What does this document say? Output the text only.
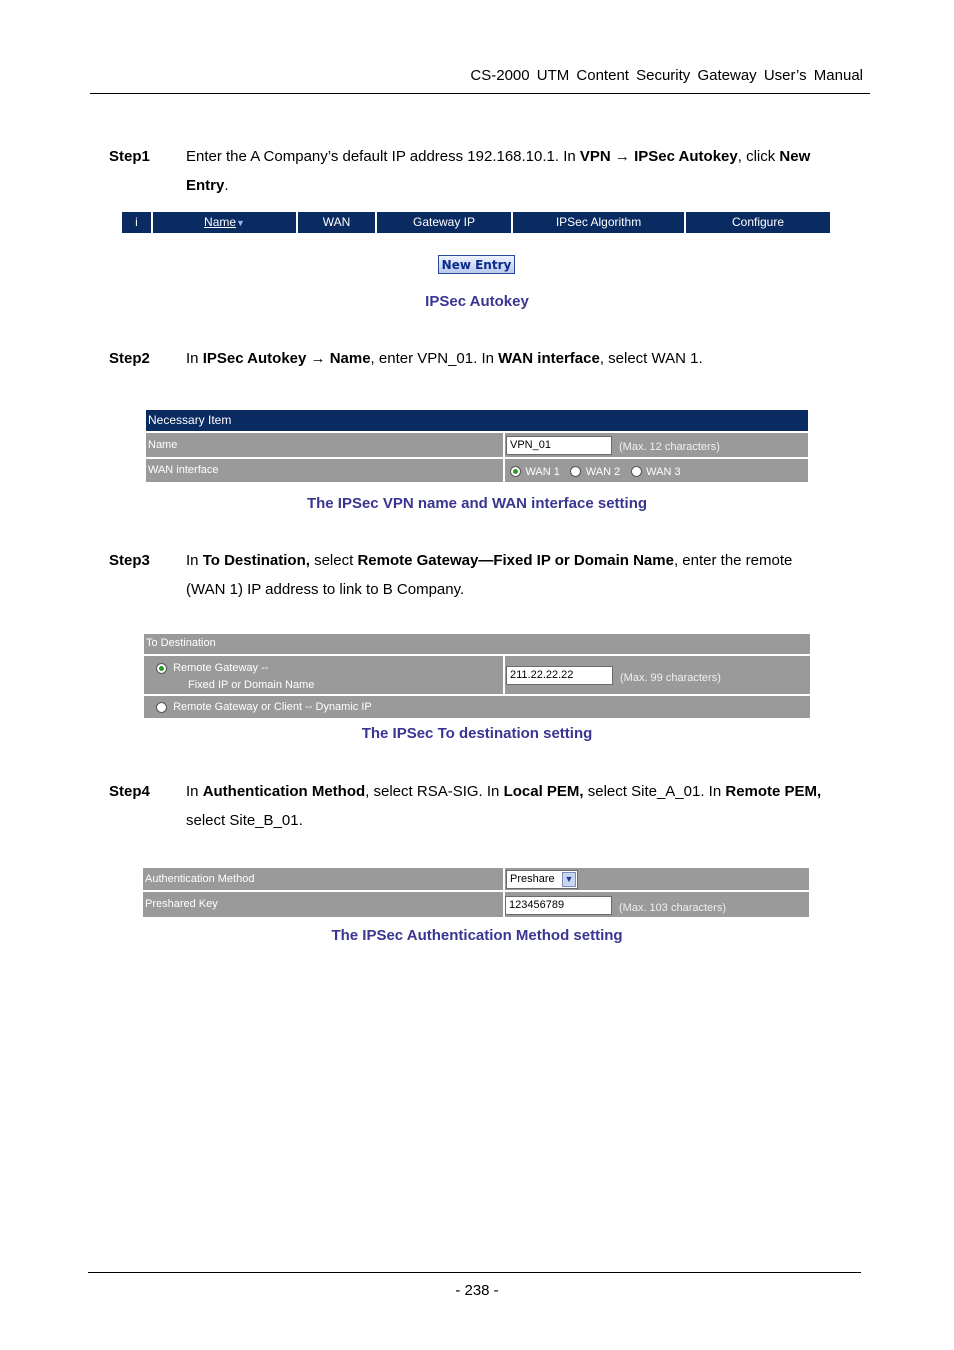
CS-2000 UTM Content Security Gateway User’s Manual
Step1 Enter the A Company’s default IP address 192.168.10.1. In VPN → IPSec Autokey, click New
Entry.
i	Name▼	WAN	Gateway IP	IPSec Algorithm	Configure
New Entry
IPSec Autokey
Step2 In IPSec Autokey → Name, enter VPN_01. In WAN interface, select WAN 1.
Necessary Item
Name	VPN_01	(Max. 12 characters)
WAN interface	WAN 1 WAN 2 WAN 3
The IPSec VPN name and WAN interface setting
Step3 In To Destination, select Remote Gateway—Fixed IP or Domain Name, enter the remote
(WAN 1) IP address to link to B Company.
To Destination
Remote Gateway --
Fixed IP or Domain Name
211.22.22.22	(Max. 99 characters)
Remote Gateway or Client -- Dynamic IP
The IPSec To destination setting
Step4 In Authentication Method, select RSA-SIG. In Local PEM, select Site_A_01. In Remote PEM,
select Site_B_01.
Authentication Method	Preshare ▼
Preshared Key	123456789	(Max. 103 characters)
The IPSec Authentication Method setting
- 238 -
